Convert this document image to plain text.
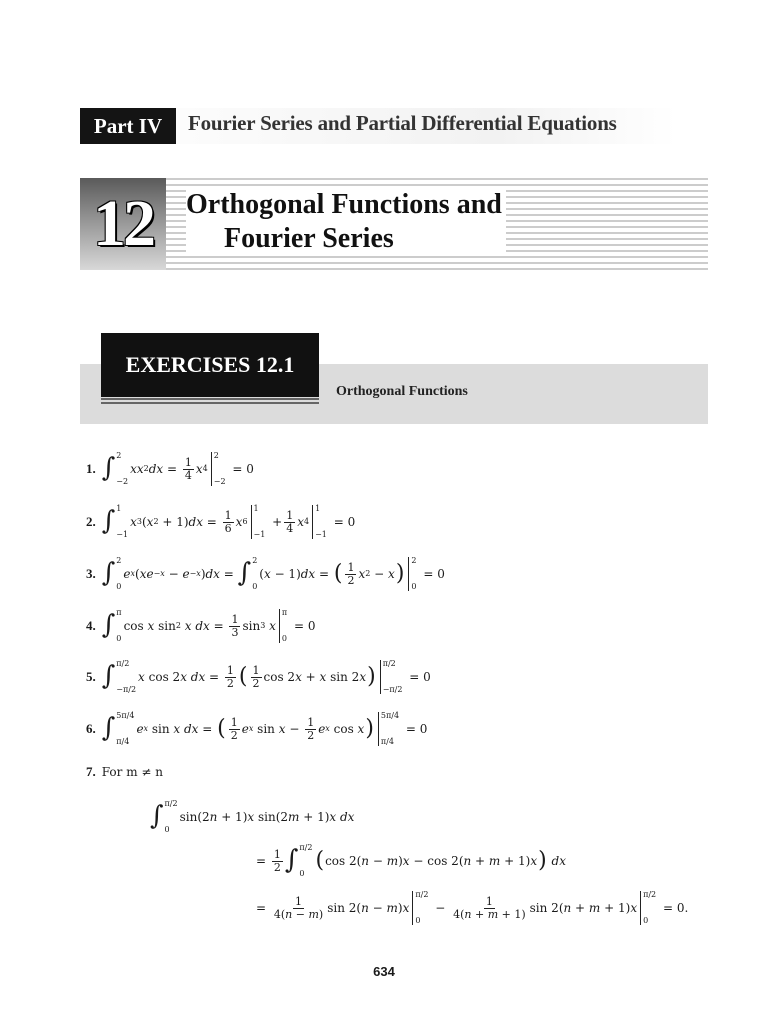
Part IV	Fourier Series and Partial Differential Equations
12	Orthogonal Functions and
Fourier Series
EXERCISES 12.1
Orthogonal Functions
1. ∫ 2
−2
xx 2 dx = $\frac{1}{4}$ x 4
2
−2
= 0
2. ∫ 1
−1
x 3 ( x 2 + 1) dx = $\frac{1}{6}$ x 6
1
−1
+ $\frac{1}{4}$ x 4
1
−1
= 0
3. ∫ 2
0
e x ( xe −x − e −x ) dx = ∫ 2
0
( x − 1) dx = ( $\frac{1}{2}$ x 2 − x )
2
0
= 0
4. ∫ π
0
cos x sin 2
x dx = $\frac{1}{3}$ sin 3
x
π
0
= 0
5. ∫ π/2
−π/2
x cos 2 x dx = $\frac{1}{2}$ ( $\frac{1}{2}$ cos 2 x + x sin 2 x )
π/2
−π/2
= 0
6. ∫ 5π/4
π/4
e x sin x dx = ( $\frac{1}{2}$ e x $\sin x - \frac{1}{2}$ e x cos x )
5π/4
π/4
= 0
7. For m ≠ n
∫ π/2
0
sin(2 n + 1) x sin(2 m + 1) x dx
= $\frac{1}{2}$ ∫ π/2
0
( cos 2( n − m ) x − cos 2( n + m + 1) x )
dx
= $\frac{1}{4(n - m)}$ sin 2( n − m ) x
π/2
0
− $\frac{1}{4(n + m + 1)}$ sin 2( n + m + 1) x
π/2
0
= 0.
634
